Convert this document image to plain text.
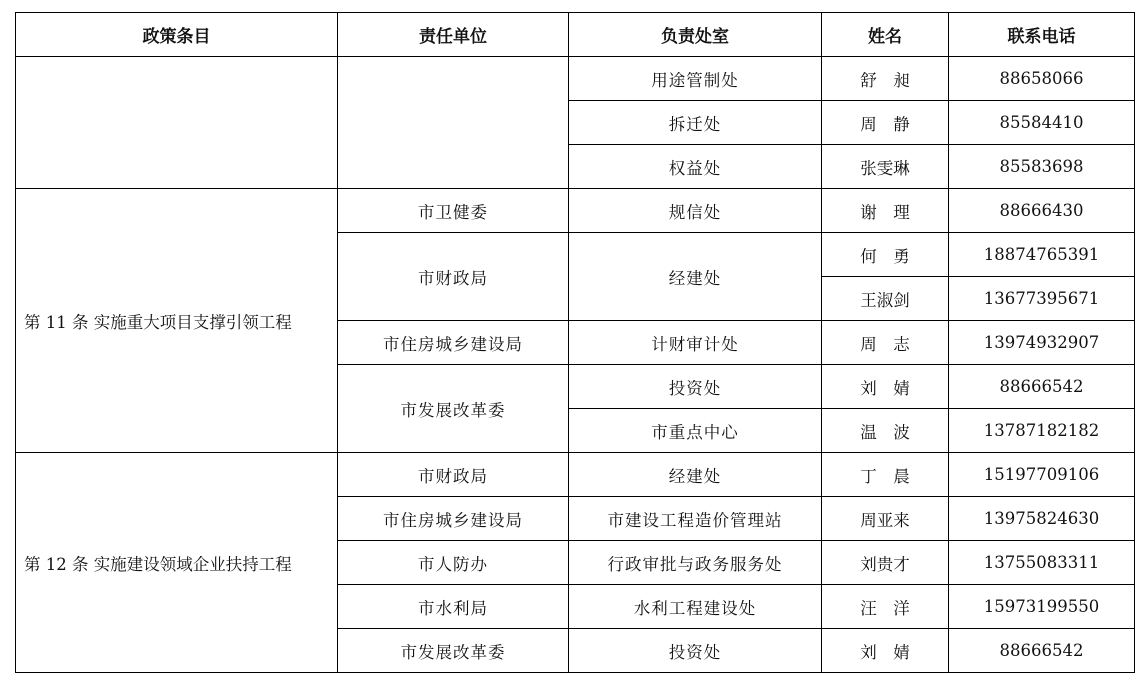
政策条目	责任单位	负责处室	姓名	联系电话
		用途管制处	舒　昶	88658066
		拆迁处	周　静	85584410
		权益处	张雯琳	85583698
第 11 条 实施重大项目支撑引领工程	市卫健委	规信处	谢　理	88666430
	市财政局	经建处	何　勇	18874765391
			王淑剑	13677395671
	市住房城乡建设局	计财审计处	周　志	13974932907
	市发展改革委	投资处	刘　婧	88666542
		市重点中心	温　波	13787182182
第 12 条 实施建设领域企业扶持工程	市财政局	经建处	丁　晨	15197709106
	市住房城乡建设局	市建设工程造价管理站	周亚来	13975824630
	市人防办	行政审批与政务服务处	刘贵才	13755083311
	市水利局	水利工程建设处	汪　洋	15973199550
	市发展改革委	投资处	刘　婧	88666542
